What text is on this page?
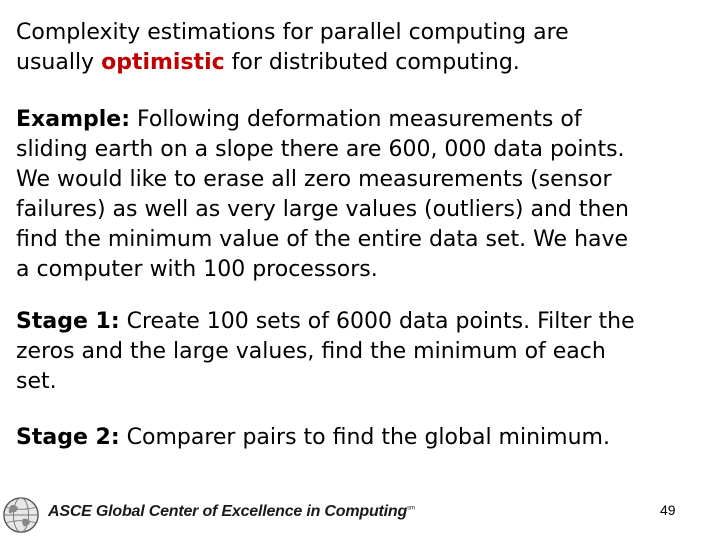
Complexity estimations for parallel computing are
usually optimistic for distributed computing.

Example: Following deformation measurements of
sliding earth on a slope there are 600, 000 data points.
We would like to erase all zero measurements (sensor
failures) as well as very large values (outliers) and then
find the minimum value of the entire data set. We have
a computer with 100 processors.

Stage 1: Create 100 sets of 6000 data points. Filter the
zeros and the large values, find the minimum of each
set.

Stage 2: Comparer pairs to find the global minimum.

ASCE Global Center of Excellence in Computing$^{sm}$	49
